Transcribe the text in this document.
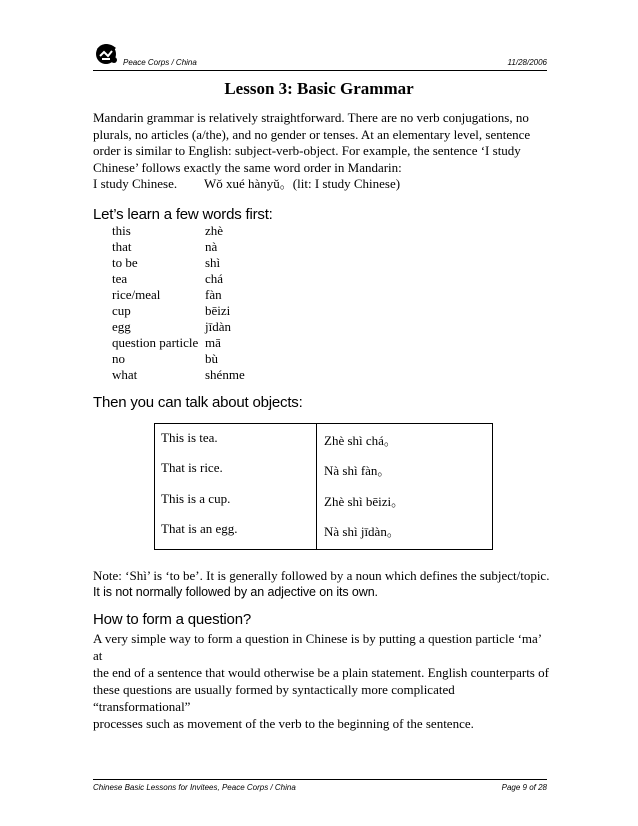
Peace Corps / China	11/28/2006
Lesson 3: Basic Grammar
Mandarin grammar is relatively straightforward. There are no verb conjugations, no
plurals, no articles (a/the), and no gender or tenses. At an elementary level, sentence
order is similar to English: subject-verb-object. For example, the sentence ‘I study
Chinese’ follows exactly the same word order in Mandarin:
I study Chinese.	Wǒ xué hànyǔ。(lit: I study Chinese)
Let’s learn a few words first:
this	zhè
that	nà
to be	shì
tea	chá
rice/meal	fàn
cup	bēizi
egg	jīdàn
question particle mā
no	bù
what	shénme
Then you can talk about objects:
This is tea.	Zhè shì chá。
That is rice.	Nà shì fàn。
This is a cup.	Zhè shì bēizi。
That is an egg.	Nà shì jīdàn。
Note: ‘Shì’ is ‘to be’. It is generally followed by a noun which defines the subject/topic.
It is not normally followed by an adjective on its own.
How to form a question?
A very simple way to form a question in Chinese is by putting a question particle ‘ma’ at
the end of a sentence that would otherwise be a plain statement. English counterparts of
these questions are usually formed by syntactically more complicated “transformational”
processes such as movement of the verb to the beginning of the sentence.
Chinese Basic Lessons for Invitees, Peace Corps / China	Page 9 of 28
